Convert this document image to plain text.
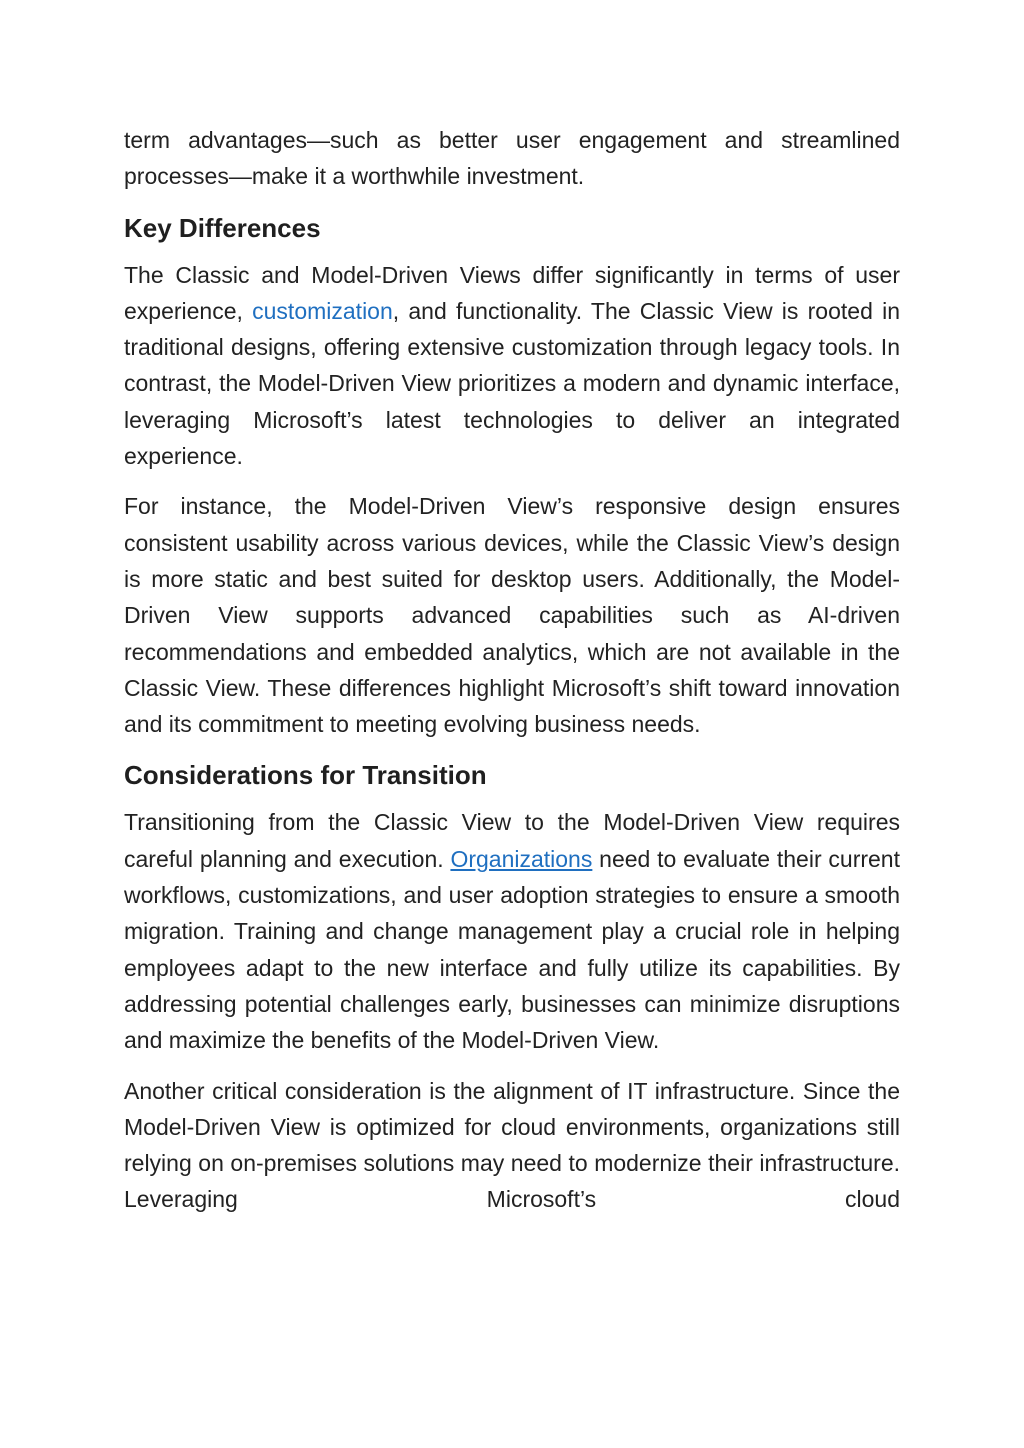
term advantages—such as better user engagement and streamlined processes—make it a worthwhile investment.

Key Differences

The Classic and Model-Driven Views differ significantly in terms of user experience, customization, and functionality. The Classic View is rooted in traditional designs, offering extensive customization through legacy tools. In contrast, the Model-Driven View prioritizes a modern and dynamic interface, leveraging Microsoft’s latest technologies to deliver an integrated experience.

For instance, the Model-Driven View’s responsive design ensures consistent usability across various devices, while the Classic View’s design is more static and best suited for desktop users. Additionally, the Model-Driven View supports advanced capabilities such as AI-driven recommendations and embedded analytics, which are not available in the Classic View. These differences highlight Microsoft’s shift toward innovation and its commitment to meeting evolving business needs.

Considerations for Transition

Transitioning from the Classic View to the Model-Driven View requires careful planning and execution. Organizations need to evaluate their current workflows, customizations, and user adoption strategies to ensure a smooth migration. Training and change management play a crucial role in helping employees adapt to the new interface and fully utilize its capabilities. By addressing potential challenges early, businesses can minimize disruptions and maximize the benefits of the Model-Driven View.

Another critical consideration is the alignment of IT infrastructure. Since the Model-Driven View is optimized for cloud environments, organizations still relying on on-premises solutions may need to modernize their infrastructure. Leveraging Microsoft’s cloud
